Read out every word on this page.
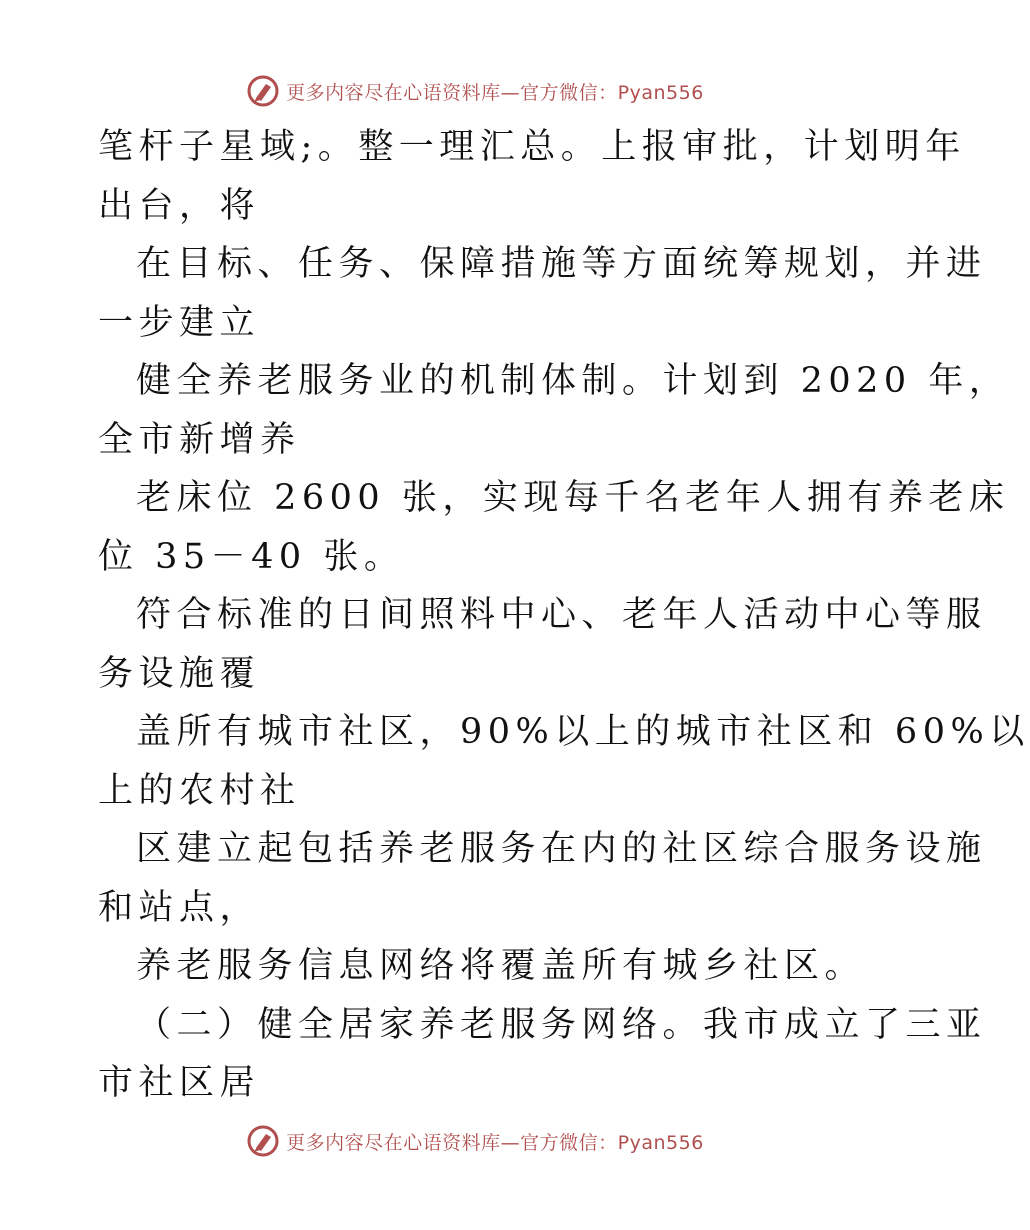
更多内容尽在心语资料库—官方微信：Pyan556
笔杆子星域;。整一理汇总。上报审批，计划明年
出台，将
在目标、任务、保障措施等方面统筹规划，并进
一步建立
健全养老服务业的机制体制。计划到 2020 年，
全市新增养
老床位 2600 张，实现每千名老年人拥有养老床
位 35－40 张。
符合标准的日间照料中心、老年人活动中心等服
务设施覆
盖所有城市社区，90%以上的城市社区和 60%以
上的农村社
区建立起包括养老服务在内的社区综合服务设施
和站点，
养老服务信息网络将覆盖所有城乡社区。
（二）健全居家养老服务网络。我市成立了三亚
市社区居
更多内容尽在心语资料库—官方微信：Pyan556
